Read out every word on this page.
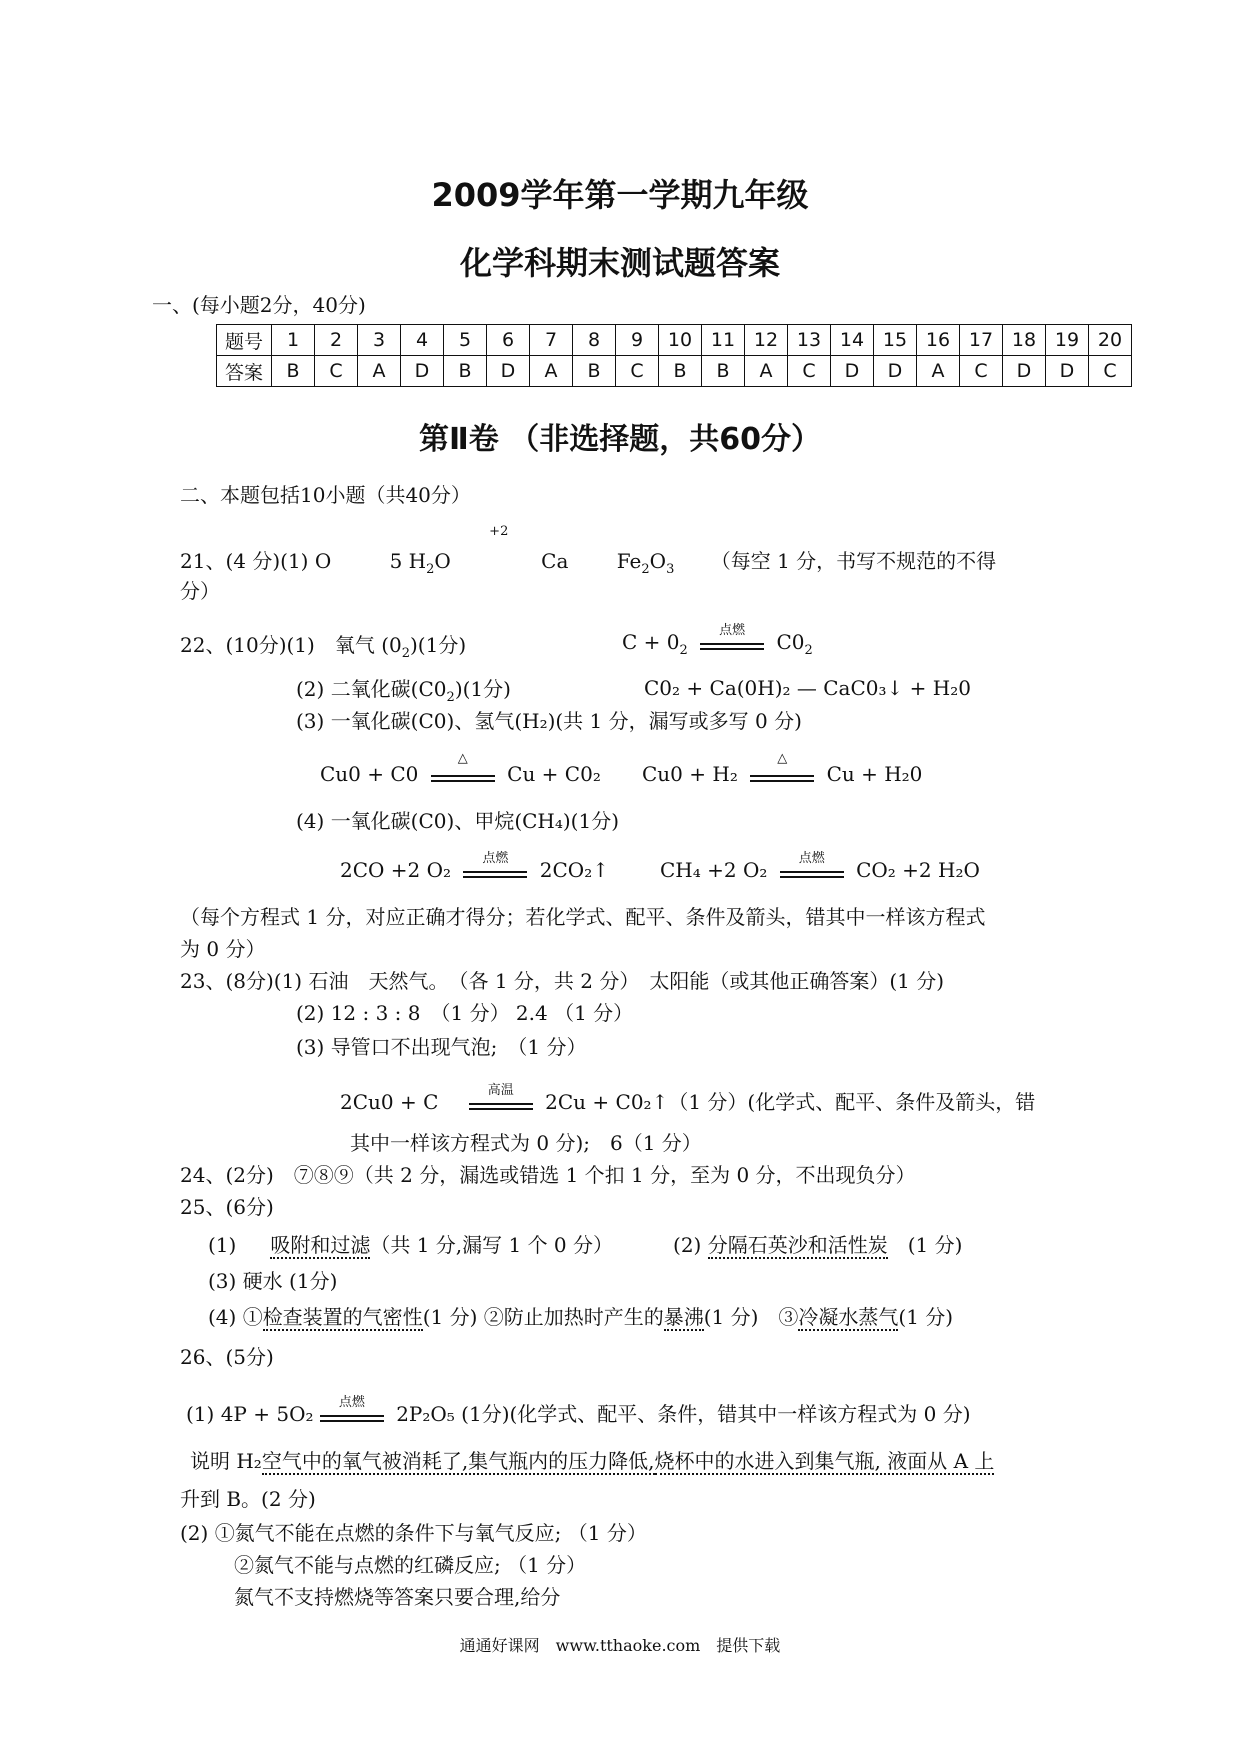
2009学年第一学期九年级
化学科期末测试题答案
一、(每小题2分，40分)
题号	1	2	3	4	5	6	7	8	9	10	11	12	13	14	15	16	17	18	19	20
答案	B	C	A	D	B	D	A	B	C	B	B	A	C	D	D	A	C	D	D	C
第Ⅱ卷 （非选择题，共60分）
二、本题包括10小题（共40分）
21、(4 分)(1) O	5 $H_2O$
+2
Ca $Fe_2O_3$ （每空 1 分，书写不规范的不得
分）
22、(10分)(1)　氧气 $(0_2)(1$分)	$C + 0_2$
点燃	$C0_2$
(2) 二氧化碳$(C0_2)(1$分)	C0₂ + Ca(0H)₂ — CaC0₃↓ + H₂0
(3) 一氧化碳(C0)、氢气(H₂)(共 1 分，漏写或多写 0 分)
Cu0 + C0
△
Cu + C0₂ Cu0 + H₂
△
Cu + H₂0
(4) 一氧化碳(C0)、甲烷(CH₄)(1分)
2CO +2 O₂	点燃	2CO₂↑	CH₄ +2 O₂	点燃	CO₂ +2 H₂O
（每个方程式 1 分，对应正确才得分；若化学式、配平、条件及箭头，错其中一样该方程式
为 0 分）
23、(8分)(1) 石油　天然气。　（各 1 分，共 2 分）　太阳能（或其他正确答案）(1 分)
(2) 12 : 3 : 8　（1 分） 2.4 （1 分）
(3) 导管口不出现气泡;　（1 分）
2Cu0 + C	高温	2Cu + C0₂↑（1 分）(化学式、配平、条件及箭头，错
其中一样该方程式为 0 分);　6（1 分）
24、(2分)　⑦⑧⑨（共 2 分，漏选或错选 1 个扣 1 分，至为 0 分，不出现负分）
25、(6分)
(1)　吸附和过滤（共 1 分,漏写 1 个 0 分）	(2) 分隔石英沙和活性炭　(1 分)
(3) 硬水 (1分)
(4) ①检查装置的气密性(1 分) ②防止加热时产生的暴沸(1 分)　③冷凝水蒸气(1 分)
26、(5分)
(1) 4P + 5O₂	点燃	2P₂O₅ (1分)(化学式、配平、条件，错其中一样该方程式为 0 分)
说明 H₂空气中的氧气被消耗了,集气瓶内的压力降低,烧杯中的水进入到集气瓶, 液面从 A 上
升到 B。(2 分)
(2) ①氮气不能在点燃的条件下与氧气反应; （1 分）
②氮气不能与点燃的红磷反应; （1 分）
氮气不支持燃烧等答案只要合理,给分
通通好课网　www.tthaoke.com　提供下载
